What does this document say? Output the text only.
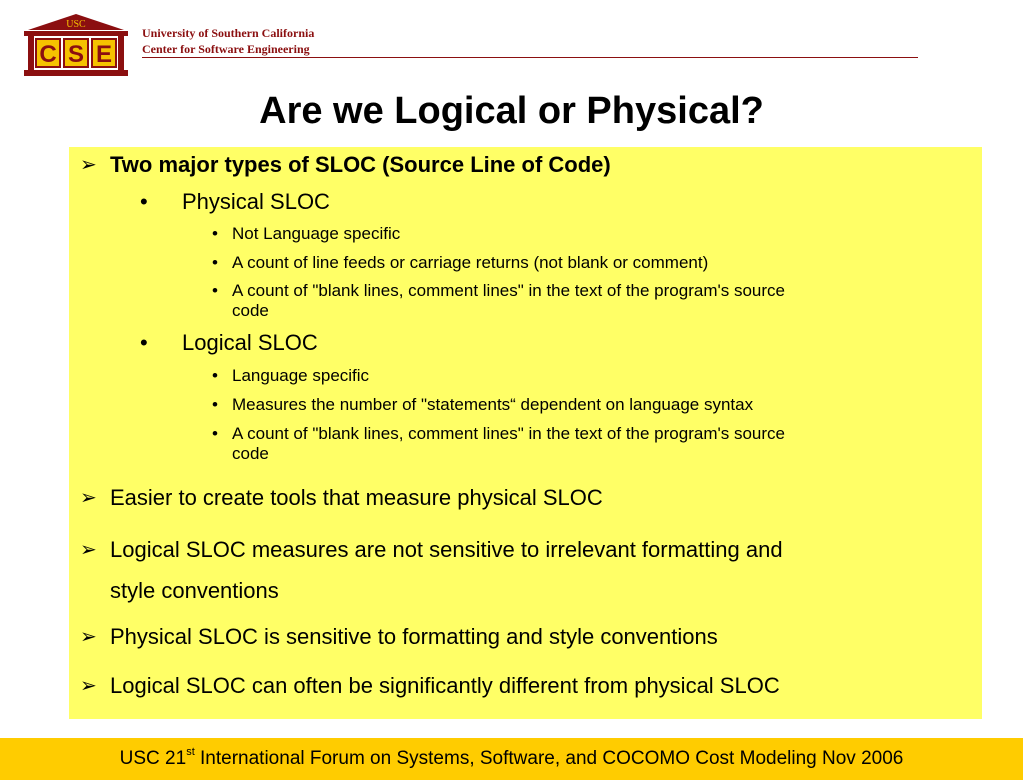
USC
C S E
University of Southern California
Center for Software Engineering
Are we Logical or Physical?
➢ Two major types of SLOC (Source Line of Code)
• Physical SLOC
• Not Language specific
• A count of line feeds or carriage returns (not blank or comment)
• A count of "blank lines, comment lines" in the text of the program's source
code
• Logical SLOC
• Language specific
• Measures the number of "statements“ dependent on language syntax
• A count of "blank lines, comment lines" in the text of the program's source
code
➢ Easier to create tools that measure physical SLOC
➢ Logical SLOC measures are not sensitive to irrelevant formatting and
style conventions
➢ Physical SLOC is sensitive to formatting and style conventions
➢ Logical SLOC can often be significantly different from physical SLOC
USC 21st International Forum on Systems, Software, and COCOMO Cost Modeling Nov 2006
